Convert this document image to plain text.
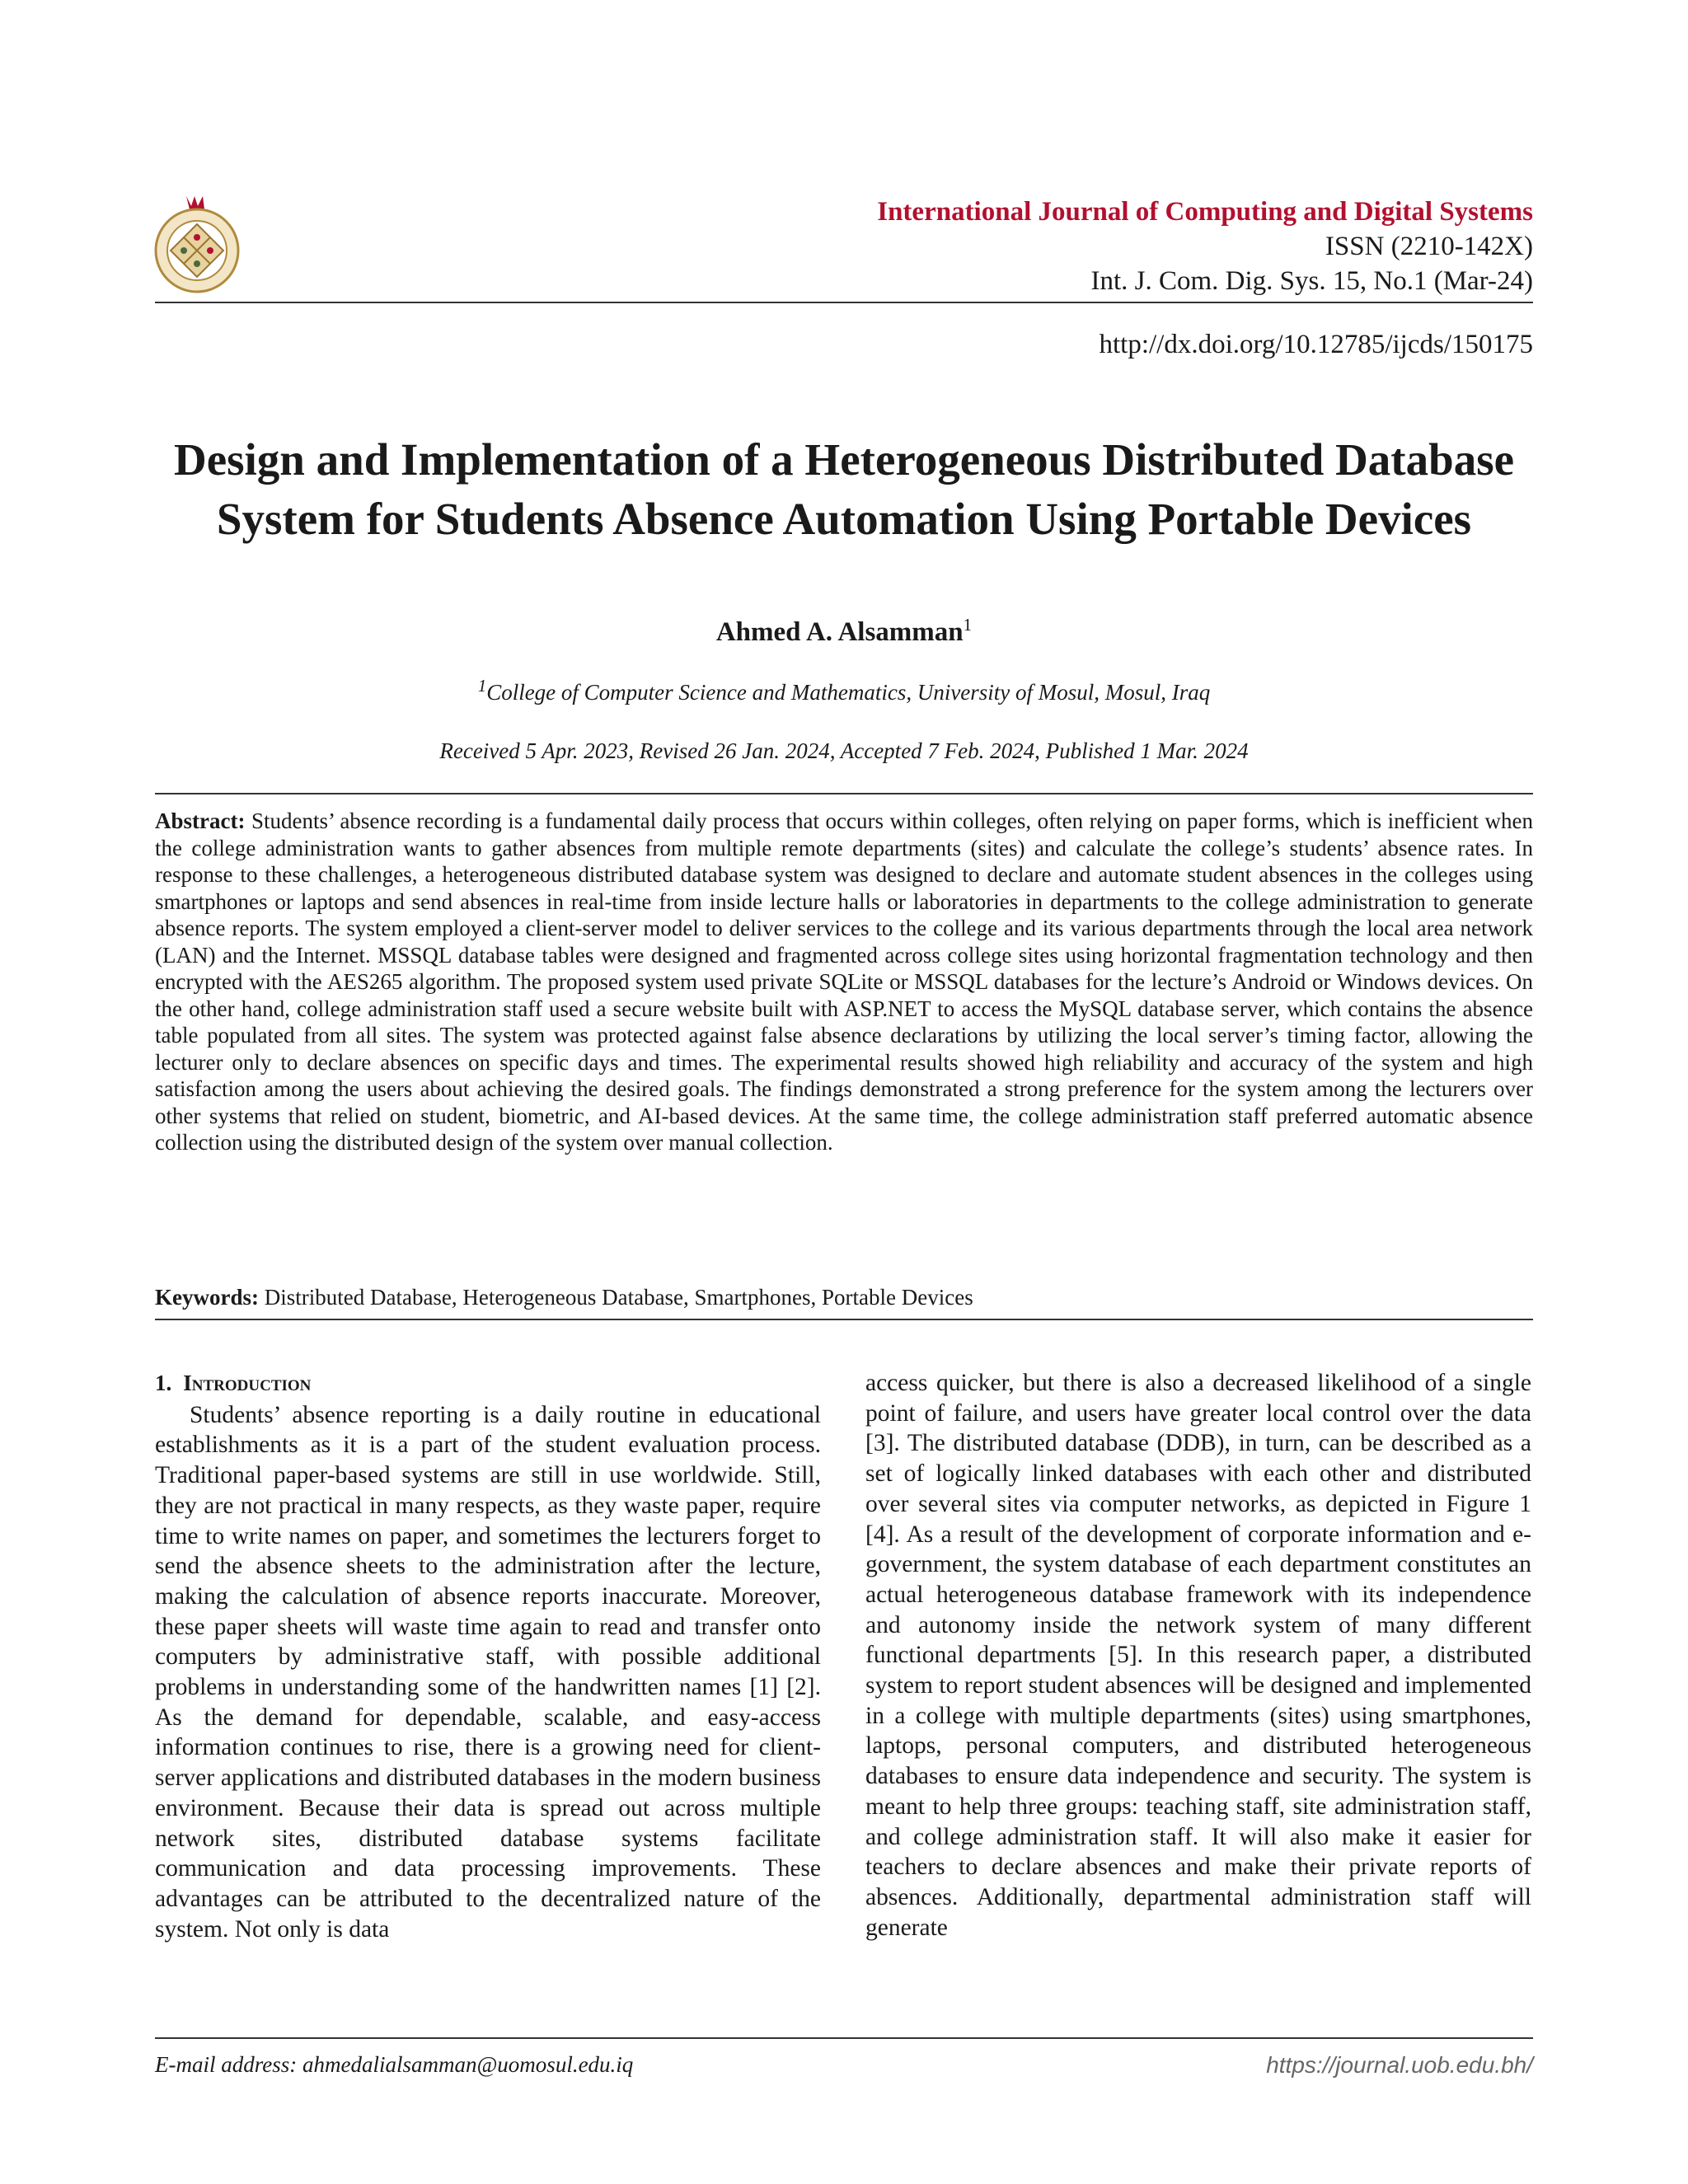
International Journal of Computing and Digital Systems
ISSN (2210-142X)
Int. J. Com. Dig. Sys. 15, No.1 (Mar-24)
http://dx.doi.org/10.12785/ijcds/150175
Design and Implementation of a Heterogeneous Distributed Database System for Students Absence Automation Using Portable Devices
Ahmed A. Alsamman$^1$
$^1$College of Computer Science and Mathematics, University of Mosul, Mosul, Iraq
Received 5 Apr. 2023, Revised 26 Jan. 2024, Accepted 7 Feb. 2024, Published 1 Mar. 2024
Abstract: Students’ absence recording is a fundamental daily process that occurs within colleges, often relying on paper forms, which is inefficient when the college administration wants to gather absences from multiple remote departments (sites) and calculate the college’s students’ absence rates. In response to these challenges, a heterogeneous distributed database system was designed to declare and automate student absences in the colleges using smartphones or laptops and send absences in real-time from inside lecture halls or laboratories in departments to the college administration to generate absence reports. The system employed a client-server model to deliver services to the college and its various departments through the local area network (LAN) and the Internet. MSSQL database tables were designed and fragmented across college sites using horizontal fragmentation technology and then encrypted with the AES265 algorithm. The proposed system used private SQLite or MSSQL databases for the lecture’s Android or Windows devices. On the other hand, college administration staff used a secure website built with ASP.NET to access the MySQL database server, which contains the absence table populated from all sites. The system was protected against false absence declarations by utilizing the local server’s timing factor, allowing the lecturer only to declare absences on specific days and times. The experimental results showed high reliability and accuracy of the system and high satisfaction among the users about achieving the desired goals. The findings demonstrated a strong preference for the system among the lecturers over other systems that relied on student, biometric, and AI-based devices. At the same time, the college administration staff preferred automatic absence collection using the distributed design of the system over manual collection.
Keywords: Distributed Database, Heterogeneous Database, Smartphones, Portable Devices
1. Introduction

Students’ absence reporting is a daily routine in educational establishments as it is a part of the student evaluation process. Traditional paper-based systems are still in use worldwide. Still, they are not practical in many respects, as they waste paper, require time to write names on paper, and sometimes the lecturers forget to send the absence sheets to the administration after the lecture, making the calculation of absence reports inaccurate. Moreover, these paper sheets will waste time again to read and transfer onto computers by administrative staff, with possible additional problems in understanding some of the handwritten names [1] [2]. As the demand for dependable, scalable, and easy-access information continues to rise, there is a growing need for client-server applications and distributed databases in the modern business environment. Because their data is spread out across multiple network sites, distributed database systems facilitate communication and data processing improvements. These advantages can be attributed to the decentralized nature of the system. Not only is data

access quicker, but there is also a decreased likelihood of a single point of failure, and users have greater local control over the data [3]. The distributed database (DDB), in turn, can be described as a set of logically linked databases with each other and distributed over several sites via computer networks, as depicted in Figure 1 [4]. As a result of the development of corporate information and e-government, the system database of each department constitutes an actual heterogeneous database framework with its independence and autonomy inside the network system of many different functional departments [5]. In this research paper, a distributed system to report student absences will be designed and implemented in a college with multiple departments (sites) using smartphones, laptops, personal computers, and distributed heterogeneous databases to ensure data independence and security. The system is meant to help three groups: teaching staff, site administration staff, and college administration staff. It will also make it easier for teachers to declare absences and make their private reports of absences. Additionally, departmental administration staff will generate

E-mail address: ahmedalialsamman@uomosul.edu.iq	https://journal.uob.edu.bh/
